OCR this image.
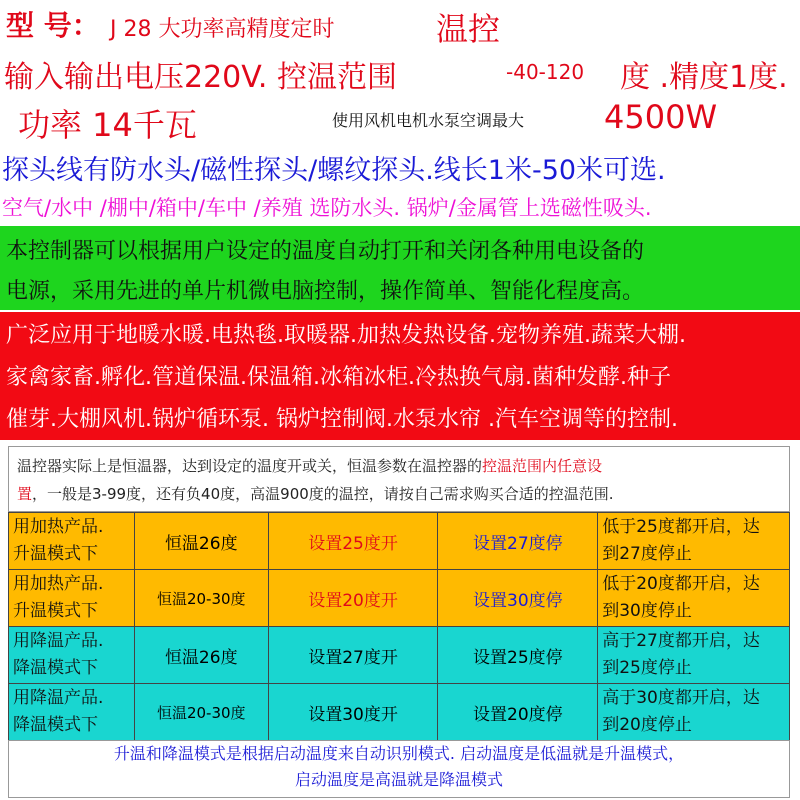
型 号： J 28 大功率高精度定时	温控
输入输出电压220V. 控温范围	-40-120 度 .精度1度.
功率 14千瓦	使用风机电机水泵空调最大 4500W
探头线有防水头/磁性探头/螺纹探头.线长1米-50米可选.
空气/水中 /棚中/箱中/车中 /养殖 选防水头. 锅炉/金属管上选磁性吸头.
本控制器可以根据用户设定的温度自动打开和关闭各种用电设备的
电源，采用先进的单片机微电脑控制，操作简单、智能化程度高。
广泛应用于地暖水暖.电热毯.取暖器.加热发热设备.宠物养殖.蔬菜大棚.
家禽家畜.孵化.管道保温.保温箱.冰箱冰柜.冷热换气扇.菌种发酵.种子
催芽.大棚风机.锅炉循环泵. 锅炉控制阀.水泵水帘 .汽车空调等的控制.
温控器实际上是恒温器，达到设定的温度开或关，恒温参数在温控器的控温范围内任意设
置，一般是3-99度，还有负40度，高温900度的温控，请按自己需求购买合适的控温范围.
用加热产品.
升温模式下	恒温26度	设置25度开	设置27度停	低于25度都开启，达
到27度停止
用加热产品.
升温模式下	恒温20-30度	设置20度开	设置30度停	低于20度都开启，达
到30度停止
用降温产品.
降温模式下	恒温26度	设置27度开	设置25度停	高于27度都开启，达
到25度停止
用降温产品.
降温模式下	恒温20-30度	设置30度开	设置20度停	高于30度都开启，达
到20度停止
升温和降温模式是根据启动温度来自动识别模式. 启动温度是低温就是升温模式，
启动温度是高温就是降温模式
